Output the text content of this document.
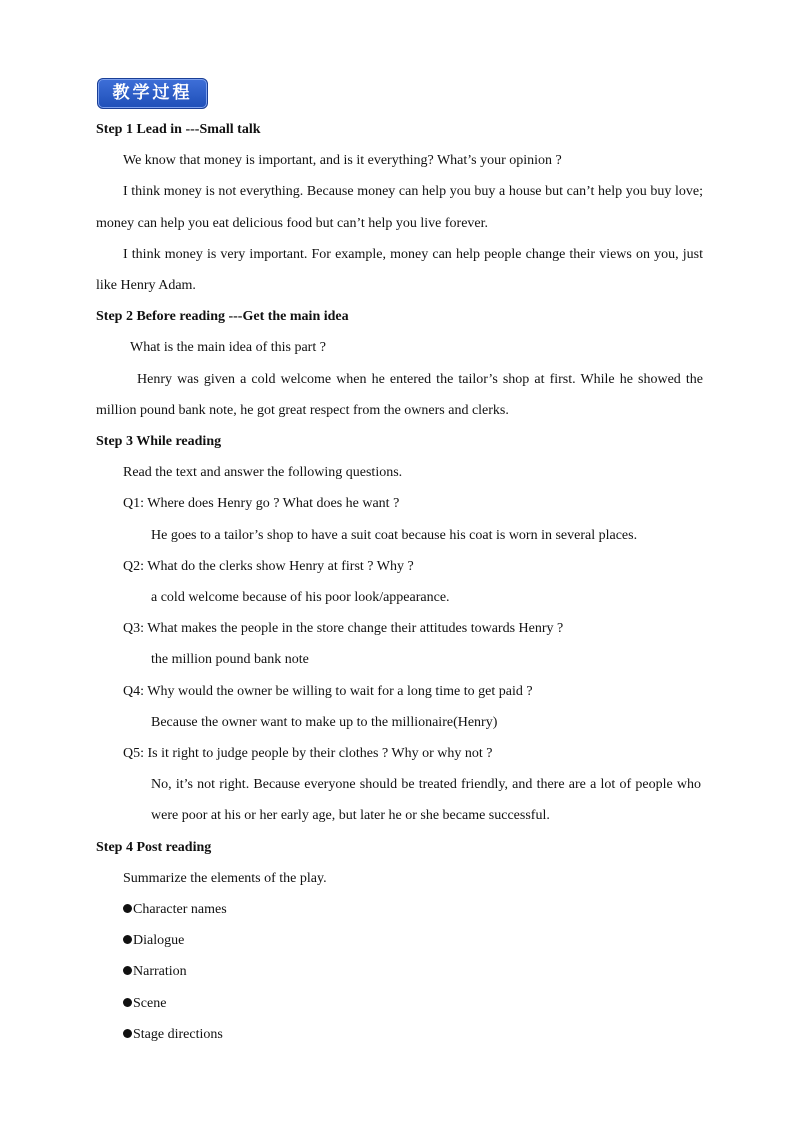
教学过程
Step 1 Lead in ---Small talk
We know that money is important, and is it everything? What’s your opinion ?
I think money is not everything. Because money can help you buy a house but can’t help you buy love;
money can help you eat delicious food but can’t help you live forever.
I think money is very important. For example, money can help people change their views on you, just
like Henry Adam.
Step 2 Before reading ---Get the main idea
What is the main idea of this part ?
Henry was given a cold welcome when he entered the tailor’s shop at first. While he showed the
million pound bank note, he got great respect from the owners and clerks.
Step 3 While reading
Read the text and answer the following questions.
Q1: Where does Henry go ? What does he want ?
He goes to a tailor’s shop to have a suit coat because his coat is worn in several places.
Q2: What do the clerks show Henry at first ? Why ?
a cold welcome because of his poor look/appearance.
Q3: What makes the people in the store change their attitudes towards Henry ?
the million pound bank note
Q4: Why would the owner be willing to wait for a long time to get paid ?
Because the owner want to make up to the millionaire(Henry)
Q5: Is it right to judge people by their clothes ? Why or why not ?
No, it’s not right. Because everyone should be treated friendly, and there are a lot of people who
were poor at his or her early age, but later he or she became successful.
Step 4 Post reading
Summarize the elements of the play.
Character names
Dialogue
Narration
Scene
Stage directions
